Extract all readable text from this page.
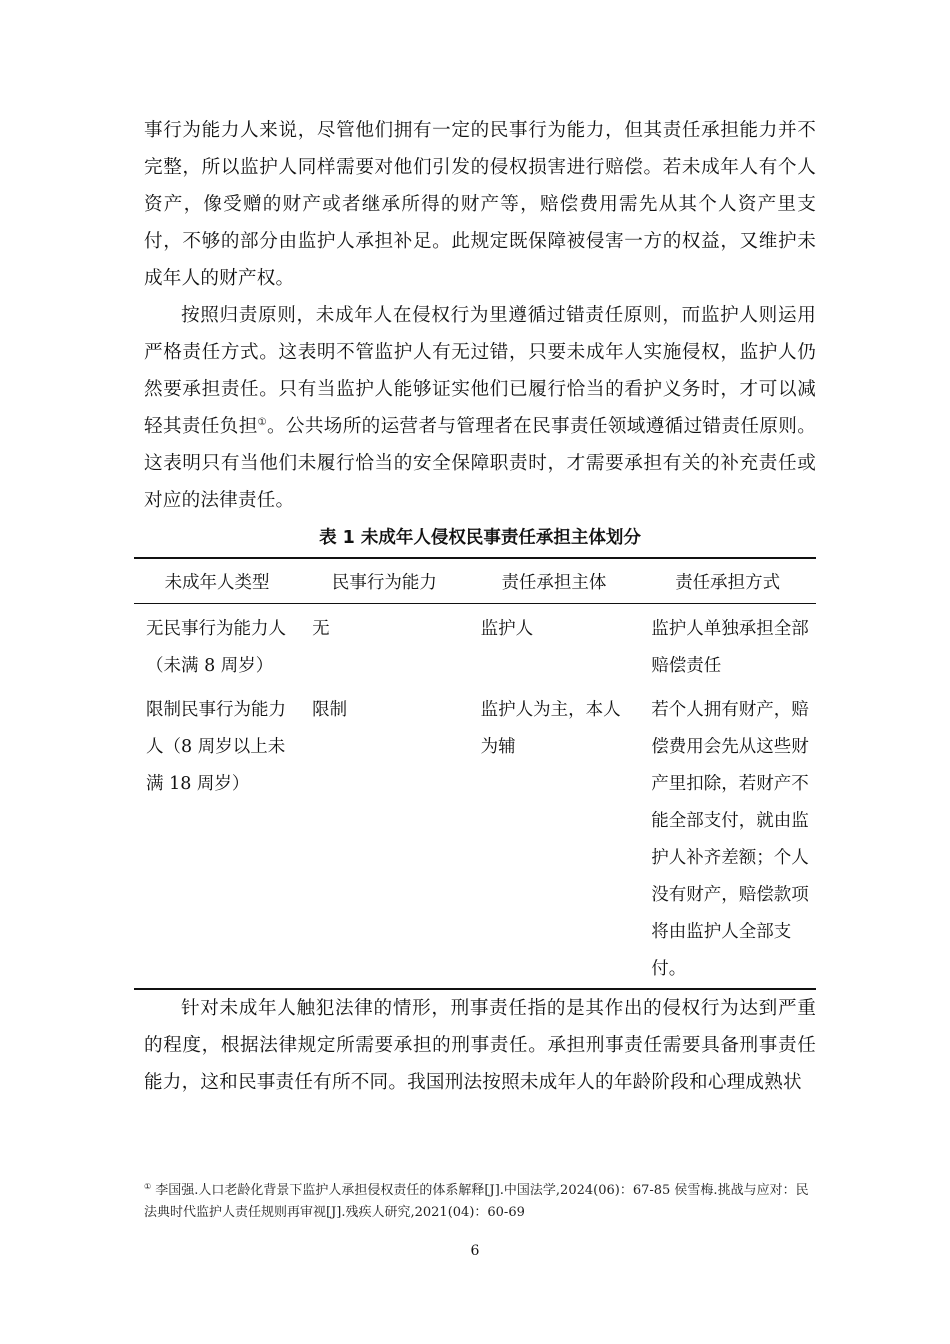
事行为能力人来说，尽管他们拥有一定的民事行为能力，但其责任承担能力并不完整，所以监护人同样需要对他们引发的侵权损害进行赔偿。若未成年人有个人资产，像受赠的财产或者继承所得的财产等，赔偿费用需先从其个人资产里支付，不够的部分由监护人承担补足。此规定既保障被侵害一方的权益，又维护未成年人的财产权。

按照归责原则，未成年人在侵权行为里遵循过错责任原则，而监护人则运用严格责任方式。这表明不管监护人有无过错，只要未成年人实施侵权，监护人仍然要承担责任。只有当监护人能够证实他们已履行恰当的看护义务时，才可以减轻其责任负担①。公共场所的运营者与管理者在民事责任领域遵循过错责任原则。这表明只有当他们未履行恰当的安全保障职责时，才需要承担有关的补充责任或对应的法律责任。

表 1 未成年人侵权民事责任承担主体划分
未成年人类型	民事行为能力	责任承担主体	责任承担方式
无民事行为能力人（未满 8 周岁）	无	监护人	监护人单独承担全部赔偿责任
限制民事行为能力人（8 周岁以上未满 18 周岁）	限制	监护人为主，本人为辅	若个人拥有财产，赔偿费用会先从这些财产里扣除，若财产不能全部支付，就由监护人补齐差额；个人没有财产，赔偿款项将由监护人全部支付。

针对未成年人触犯法律的情形，刑事责任指的是其作出的侵权行为达到严重的程度，根据法律规定所需要承担的刑事责任。承担刑事责任需要具备刑事责任能力，这和民事责任有所不同。我国刑法按照未成年人的年龄阶段和心理成熟状

① 李国强.人口老龄化背景下监护人承担侵权责任的体系解释[J].中国法学,2024(06)：67-85 侯雪梅.挑战与应对：民法典时代监护人责任规则再审视[J].残疾人研究,2021(04)：60-69
6
